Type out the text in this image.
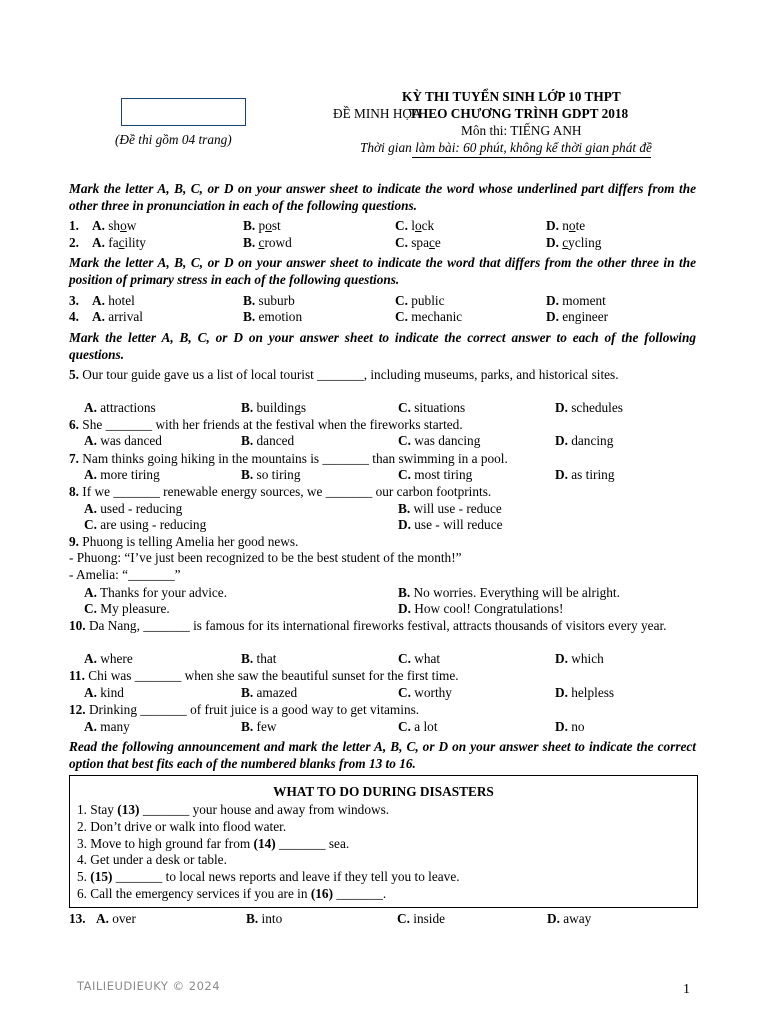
(Đề thi gồm 04 trang)
KỲ THI TUYỂN SINH LỚP 10 THPT
ĐỀ MINH HỌA
THEO CHƯƠNG TRÌNH GDPT 2018
Môn thi: TIẾNG ANH
Thời gian làm bài: 60 phút, không kể thời gian phát đề
Mark the letter A, B, C, or D on your answer sheet to indicate the word whose underlined part differs from the other three in pronunciation in each of the following questions.
1. A. show	B. post	C. lock	D. note
2. A. facility	B. crowd	C. space	D. cycling
Mark the letter A, B, C, or D on your answer sheet to indicate the word that differs from the other three in the position of primary stress in each of the following questions.
3. A. hotel	B. suburb	C. public	D. moment
4. A. arrival	B. emotion	C. mechanic	D. engineer
Mark the letter A, B, C, or D on your answer sheet to indicate the correct answer to each of the following questions.
5. Our tour guide gave us a list of local tourist _______, including museums, parks, and historical sites.
A. attractions	B. buildings	C. situations	D. schedules
6. She _______ with her friends at the festival when the fireworks started.
A. was danced	B. danced	C. was dancing	D. dancing
7. Nam thinks going hiking in the mountains is _______ than swimming in a pool.
A. more tiring	B. so tiring	C. most tiring	D. as tiring
8. If we _______ renewable energy sources, we _______ our carbon footprints.
A. used - reducing	B. will use - reduce
C. are using - reducing	D. use - will reduce
9. Phuong is telling Amelia her good news.
- Phuong: “I’ve just been recognized to be the best student of the month!”
- Amelia: “_______”
A. Thanks for your advice.	B. No worries. Everything will be alright.
C. My pleasure.	D. How cool! Congratulations!
10. Da Nang, _______ is famous for its international fireworks festival, attracts thousands of visitors every year.
A. where	B. that	C. what	D. which
11. Chi was _______ when she saw the beautiful sunset for the first time.
A. kind	B. amazed	C. worthy	D. helpless
12. Drinking _______ of fruit juice is a good way to get vitamins.
A. many	B. few	C. a lot	D. no
Read the following announcement and mark the letter A, B, C, or D on your answer sheet to indicate the correct option that best fits each of the numbered blanks from 13 to 16.
WHAT TO DO DURING DISASTERS
1. Stay (13) _______ your house and away from windows.
2. Don’t drive or walk into flood water.
3. Move to high ground far from (14) _______ sea.
4. Get under a desk or table.
5. (15) _______ to local news reports and leave if they tell you to leave.
6. Call the emergency services if you are in (16) _______.
13. A. over	B. into	C. inside	D. away
TAILIEUDIEUKY © 2024	1
